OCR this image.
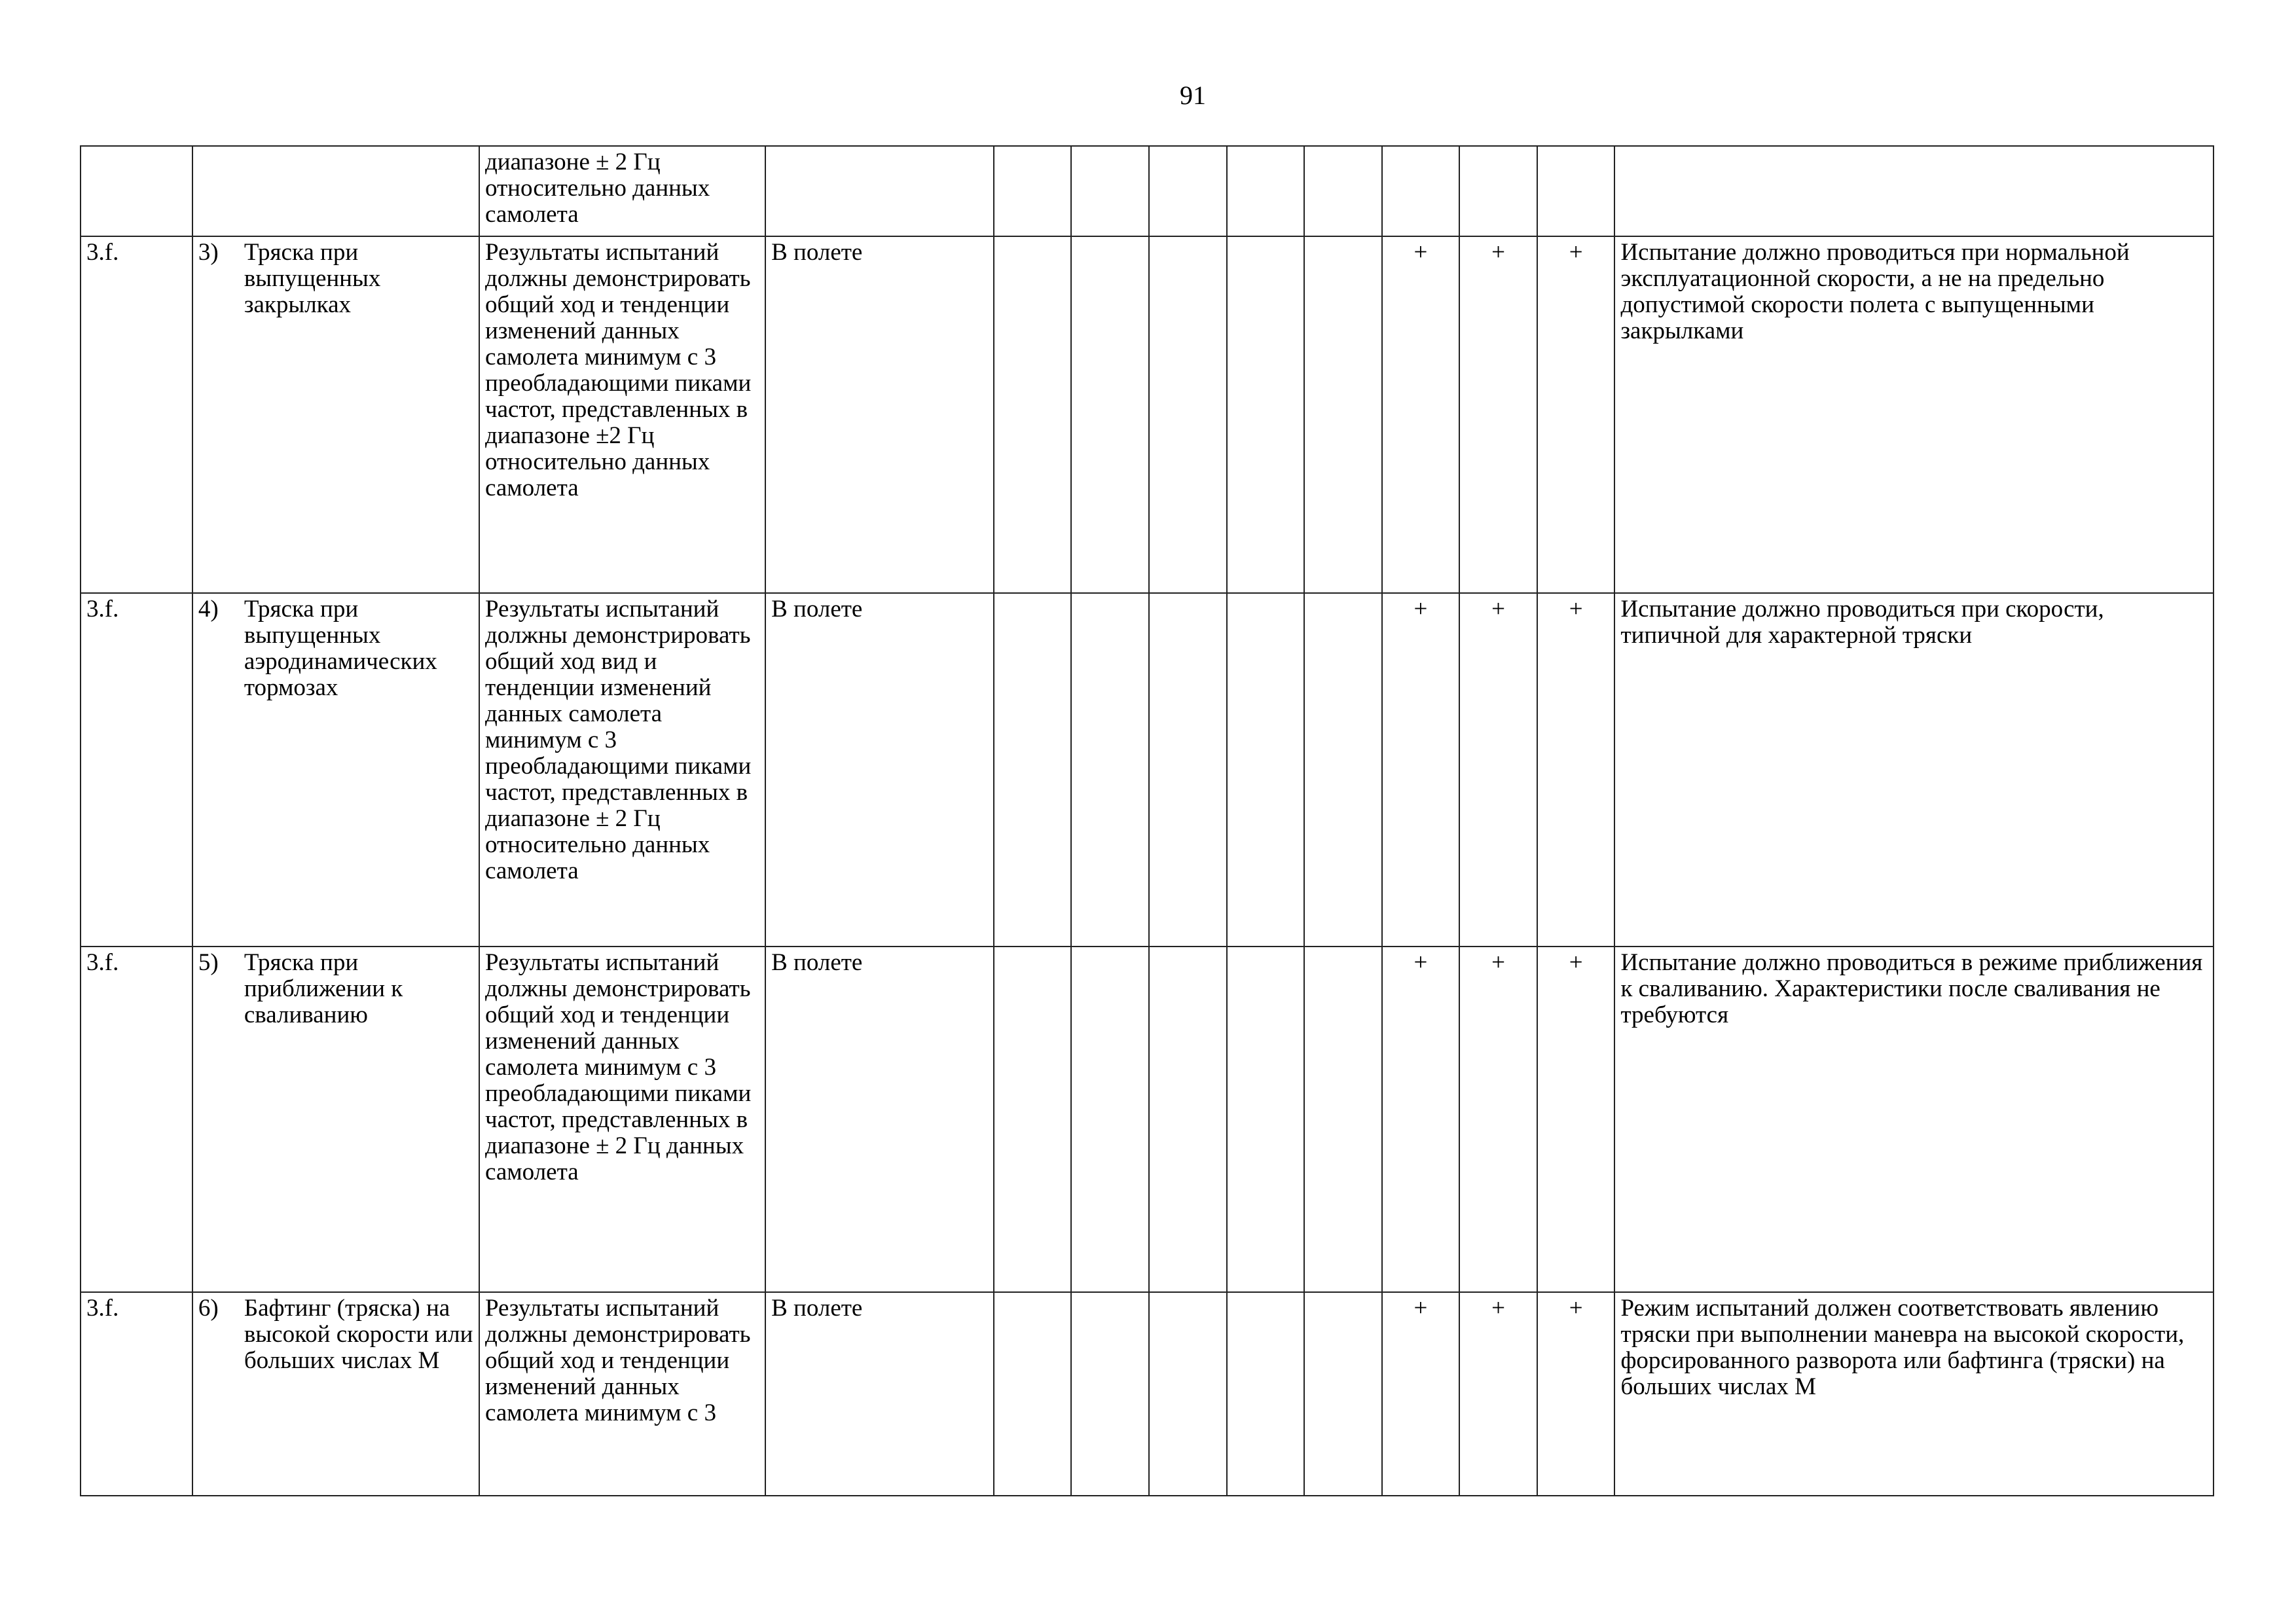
91
		диапазоне ± 2 Гц относительно данных самолета										
3.f.	3) Тряска при выпущенных закрылках	Результаты испытаний должны демонстрировать общий ход и тенденции изменений данных самолета минимум с 3 преобладающими пиками частот, представленных в диапазоне ±2 Гц относительно данных самолета	В полете						+	+	+	Испытание должно проводиться при нормальной эксплуатационной скорости, а не на предельно допустимой скорости полета с выпущенными закрылками
3.f.	4) Тряска при выпущенных аэродинамических тормозах	Результаты испытаний должны демонстрировать общий ход вид и тенденции изменений данных самолета минимум с 3 преобладающими пиками частот, представленных в диапазоне ± 2 Гц относительно данных самолета	В полете						+	+	+	Испытание должно проводиться при скорости, типичной для характерной тряски
3.f.	5) Тряска при приближении к сваливанию	Результаты испытаний должны демонстрировать общий ход и тенденции изменений данных самолета минимум с 3 преобладающими пиками частот, представленных в диапазоне ± 2 Гц данных самолета	В полете						+	+	+	Испытание должно проводиться в режиме приближения к сваливанию. Характеристики после сваливания не требуются
3.f.	6) Бафтинг (тряска) на высокой скорости или больших числах М	Результаты испытаний должны демонстрировать общий ход и тенденции изменений данных самолета минимум с 3	В полете						+	+	+	Режим испытаний должен соответствовать явлению тряски при выполнении маневра на высокой скорости, форсированного разворота или бафтинга (тряски) на больших числах М
